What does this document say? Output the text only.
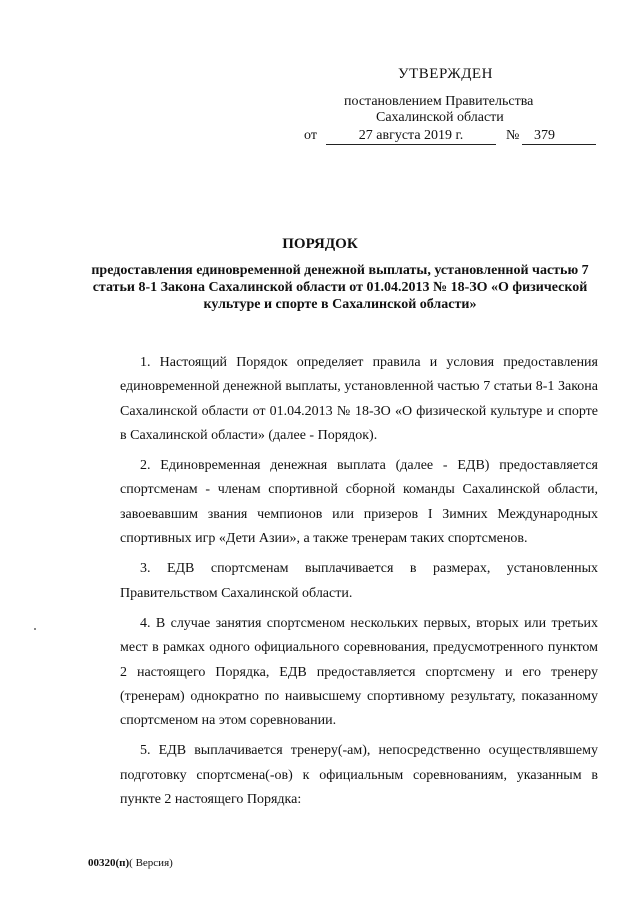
УТВЕРЖДЕН
постановлением Правительства
Сахалинской области
от	27 августа 2019 г.	№	379
ПОРЯДОК
предоставления единовременной денежной выплаты, установленной частью 7 статьи 8-1 Закона Сахалинской области от 01.04.2013 № 18-ЗО «О физической культуре и спорте в Сахалинской области»

1. Настоящий Порядок определяет правила и условия предоставления единовременной денежной выплаты, установленной частью 7 статьи 8-1 Закона Сахалинской области от 01.04.2013 № 18-ЗО «О физической культуре и спорте в Сахалинской области» (далее - Порядок).

2. Единовременная денежная выплата (далее - ЕДВ) предоставляется спортсменам - членам спортивной сборной команды Сахалинской области, завоевавшим звания чемпионов или призеров I Зимних Международных спортивных игр «Дети Азии», а также тренерам таких спортсменов.

3. ЕДВ спортсменам выплачивается в размерах, установленных Правительством Сахалинской области.

4. В случае занятия спортсменом нескольких первых, вторых или третьих мест в рамках одного официального соревнования, предусмотренного пунктом 2 настоящего Порядка, ЕДВ предоставляется спортсмену и его тренеру (тренерам) однократно по наивысшему спортивному результату, показанному спортсменом на этом соревновании.

5. ЕДВ выплачивается тренеру(-ам), непосредственно осуществлявшему подготовку спортсмена(-ов) к официальным соревнованиям, указанным в пункте 2 настоящего Порядка:

00320(п)( Версия)
